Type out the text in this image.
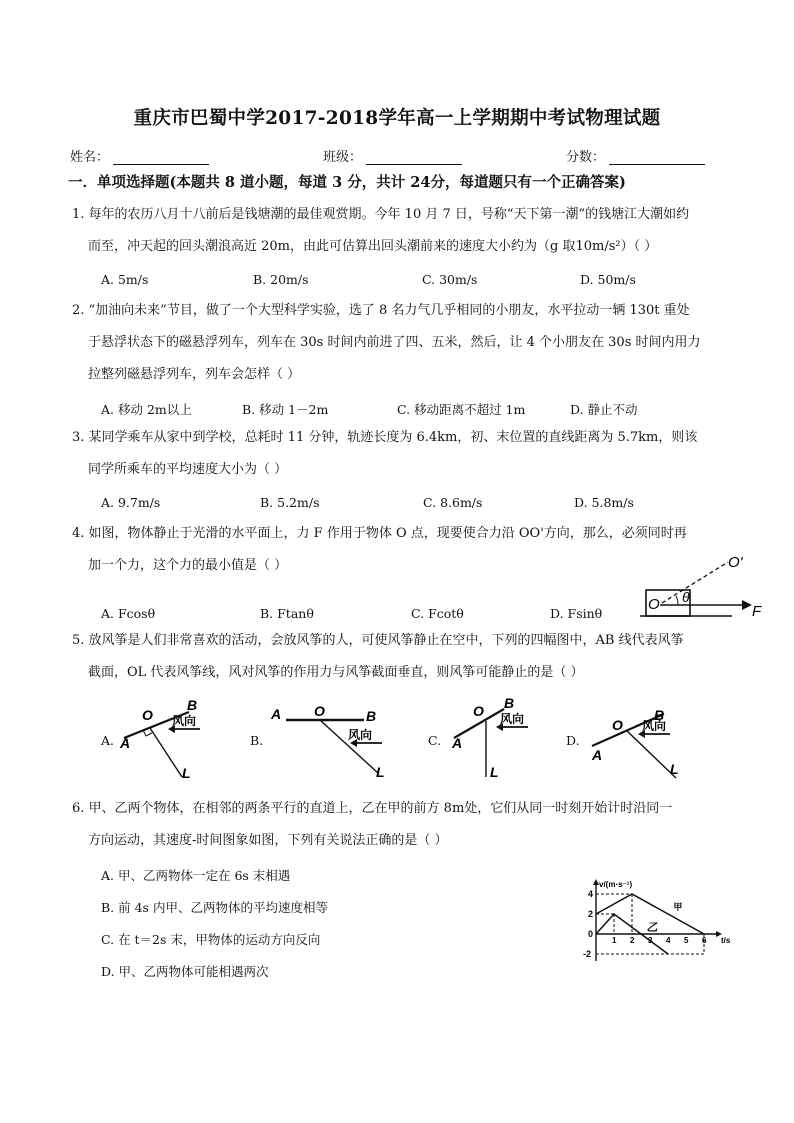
重庆市巴蜀中学2017-2018学年高一上学期期中考试物理试题
姓名：	班级：	分数：
一．单项选择题(本题共 8 道小题，每道 3 分，共计 24分，每道题只有一个正确答案)
1. 每年的农历八月十八前后是钱塘潮的最佳观赏期。今年 10 月 7 日，号称“天下第一潮”的钱塘江大潮如约
而至，冲天起的回头潮浪高近 20m，由此可估算出回头潮前来的速度大小约为（g 取10m/s²）（ ）
A. 5m/s	B. 20m/s	C. 30m/s	D. 50m/s
2. “加油向未来”节目，做了一个大型科学实验，选了 8 名力气几乎相同的小朋友，水平拉动一辆 130t 重处
于悬浮状态下的磁悬浮列车，列车在 30s 时间内前进了四、五米，然后，让 4 个小朋友在 30s 时间内用力
拉整列磁悬浮列车，列车会怎样（ ）
A. 移动 2m以上	B. 移动 1－2m	C. 移动距离不超过 1m	D. 静止不动
3. 某同学乘车从家中到学校，总耗时 11 分钟，轨迹长度为 6.4km，初、末位置的直线距离为 5.7km，则该
同学所乘车的平均速度大小为（ ）
A. 9.7m/s	B. 5.2m/s	C. 8.6m/s	D. 5.8m/s
4. 如图，物体静止于光滑的水平面上，力 F 作用于物体 O 点，现要使合力沿 OO'方向，那么，必须同时再
加一个力，这个力的最小值是（ ）
A. Fcosθ	B. Ftanθ	C. Fcotθ	D. Fsinθ
O
O'
θ
F
5. 放风筝是人们非常喜欢的活动，会放风筝的人，可使风筝静止在空中，下列的四幅图中，AB 线代表风筝
截面，OL 代表风筝线，风对风筝的作用力与风筝截面垂直，则风筝可能静止的是（ ）
A. A
B
O
L
风向
B.
A	B
O
L
风向	C. A
B
O
L
风向
D.
A
B
O
L
风向
6. 甲、乙两个物体，在相邻的两条平行的直道上，乙在甲的前方 8m处，它们从同一时刻开始计时沿同一
方向运动，其速度-时间图象如图，下列有关说法正确的是（ ）
A. 甲、乙两物体一定在 6s 末相遇
B. 前 4s 内甲、乙两物体的平均速度相等
C. 在 t＝2s 末，甲物体的运动方向反向
D. 甲、乙两物体可能相遇两次
1 2 3 4 5 6
4
2
0
-2
甲
乙
v/(m·s⁻¹)
t/s
